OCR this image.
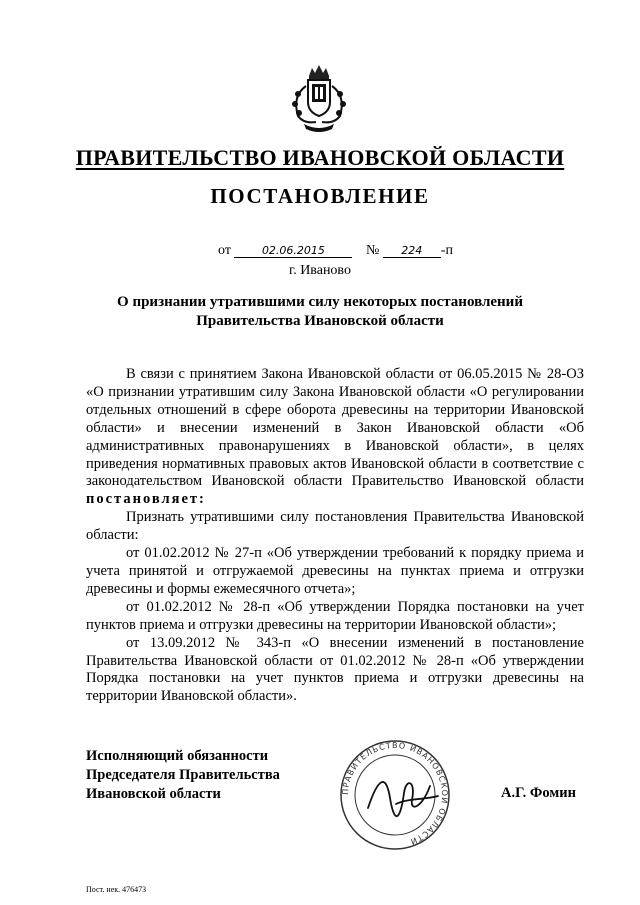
ПРАВИТЕЛЬСТВО ИВАНОВСКОЙ ОБЛАСТИ
ПОСТАНОВЛЕНИЕ
от	02.06.2015	№ 224 -п
г. Иваново
О признании утратившими силу некоторых постановлений
Правительства Ивановской области

В связи с принятием Закона Ивановской области от 06.05.2015 № 28-ОЗ «О признании утратившим силу Закона Ивановской области «О регулировании отдельных отношений в сфере оборота древесины на территории Ивановской области» и внесении изменений в Закон Ивановской области «Об административных правонарушениях в Ивановской области», в целях приведения нормативных правовых актов Ивановской области в соответствие с законодательством Ивановской области Правительство Ивановской области постановляет:

Признать утратившими силу постановления Правительства Ивановской области:

от 01.02.2012 № 27-п «Об утверждении требований к порядку приема и учета принятой и отгружаемой древесины на пунктах приема и отгрузки древесины и формы ежемесячного отчета»;

от 01.02.2012 № 28-п «Об утверждении Порядка постановки на учет пунктов приема и отгрузки древесины на территории Ивановской области»;

от 13.09.2012 № 343-п «О внесении изменений в постановление Правительства Ивановской области от 01.02.2012 № 28-п «Об утверждении Порядка постановки на учет пунктов приема и отгрузки древесины на территории Ивановской области».

Исполняющий обязанности
Председателя Правительства
Ивановской области	ПРАВИТЕЛЬСТВО ИВАНОВСКОЙ ОБЛАСТИ
А.Г. Фомин
Пост. нек. 476473
